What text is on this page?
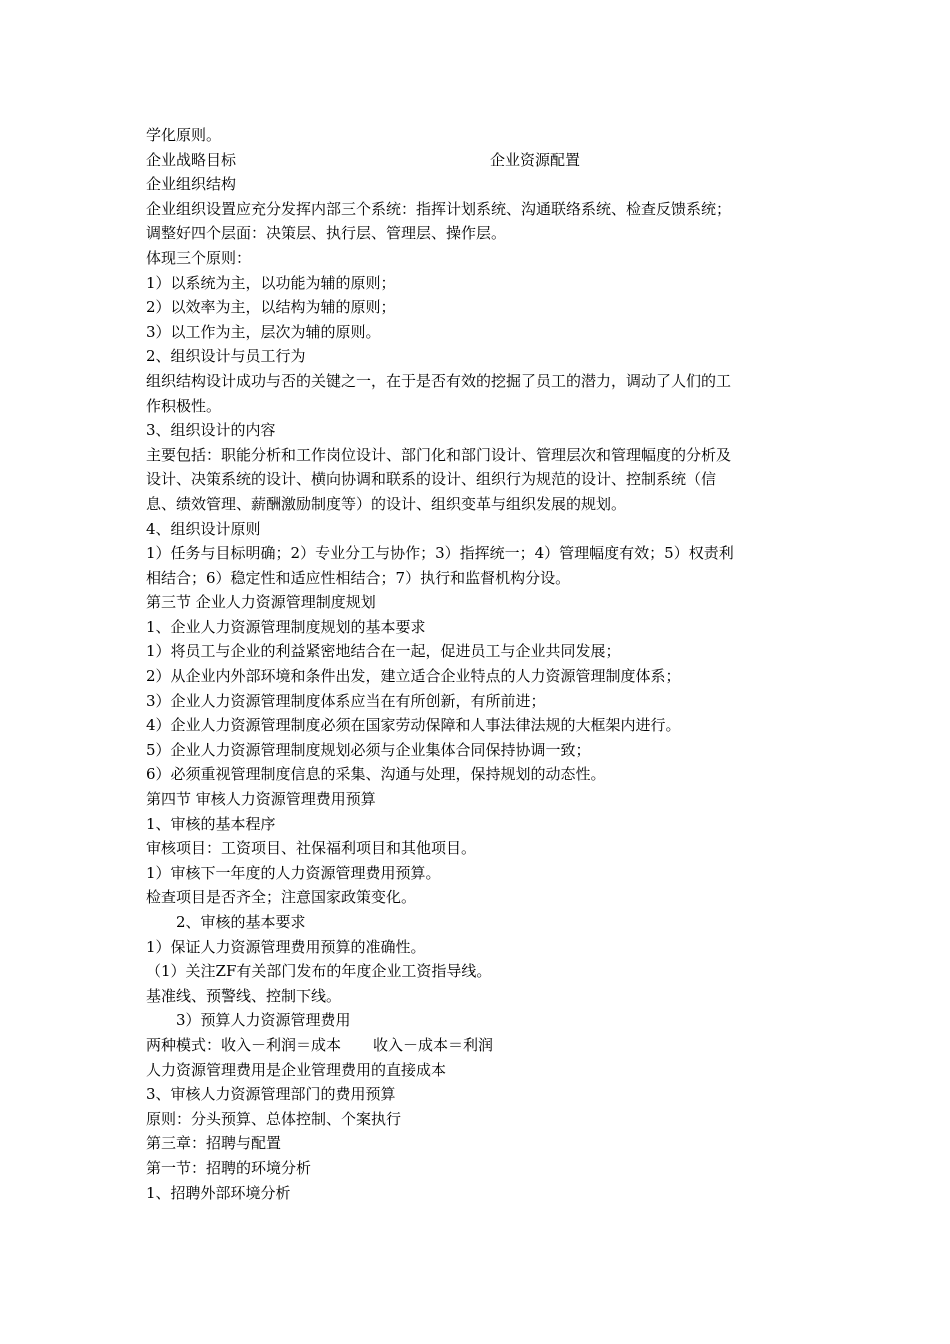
学化原则。
企业战略目标	企业资源配置
企业组织结构
企业组织设置应充分发挥内部三个系统：指挥计划系统、沟通联络系统、检查反馈系统；
调整好四个层面：决策层、执行层、管理层、操作层。
体现三个原则：
1）以系统为主，以功能为辅的原则；
2）以效率为主，以结构为辅的原则；
3）以工作为主，层次为辅的原则。
2、组织设计与员工行为
组织结构设计成功与否的关键之一，在于是否有效的挖掘了员工的潜力，调动了人们的工
作积极性。
3、组织设计的内容
主要包括：职能分析和工作岗位设计、部门化和部门设计、管理层次和管理幅度的分析及
设计、决策系统的设计、横向协调和联系的设计、组织行为规范的设计、控制系统（信
息、绩效管理、薪酬激励制度等）的设计、组织变革与组织发展的规划。
4、组织设计原则
1）任务与目标明确；2）专业分工与协作；3）指挥统一；4）管理幅度有效；5）权责利
相结合；6）稳定性和适应性相结合；7）执行和监督机构分设。
第三节 企业人力资源管理制度规划
1、企业人力资源管理制度规划的基本要求
1）将员工与企业的利益紧密地结合在一起，促进员工与企业共同发展；
2）从企业内外部环境和条件出发，建立适合企业特点的人力资源管理制度体系；
3）企业人力资源管理制度体系应当在有所创新，有所前进；
4）企业人力资源管理制度必须在国家劳动保障和人事法律法规的大框架内进行。
5）企业人力资源管理制度规划必须与企业集体合同保持协调一致；
6）必须重视管理制度信息的采集、沟通与处理，保持规划的动态性。
第四节 审核人力资源管理费用预算
1、审核的基本程序
审核项目：工资项目、社保福利项目和其他项目。
1）审核下一年度的人力资源管理费用预算。
检查项目是否齐全；注意国家政策变化。
2、审核的基本要求
1）保证人力资源管理费用预算的准确性。
（1）关注ZF有关部门发布的年度企业工资指导线。
基准线、预警线、控制下线。
3）预算人力资源管理费用
两种模式：收入－利润＝成本 收入－成本＝利润
人力资源管理费用是企业管理费用的直接成本
3、审核人力资源管理部门的费用预算
原则：分头预算、总体控制、个案执行
第三章：招聘与配置
第一节：招聘的环境分析
1、招聘外部环境分析
